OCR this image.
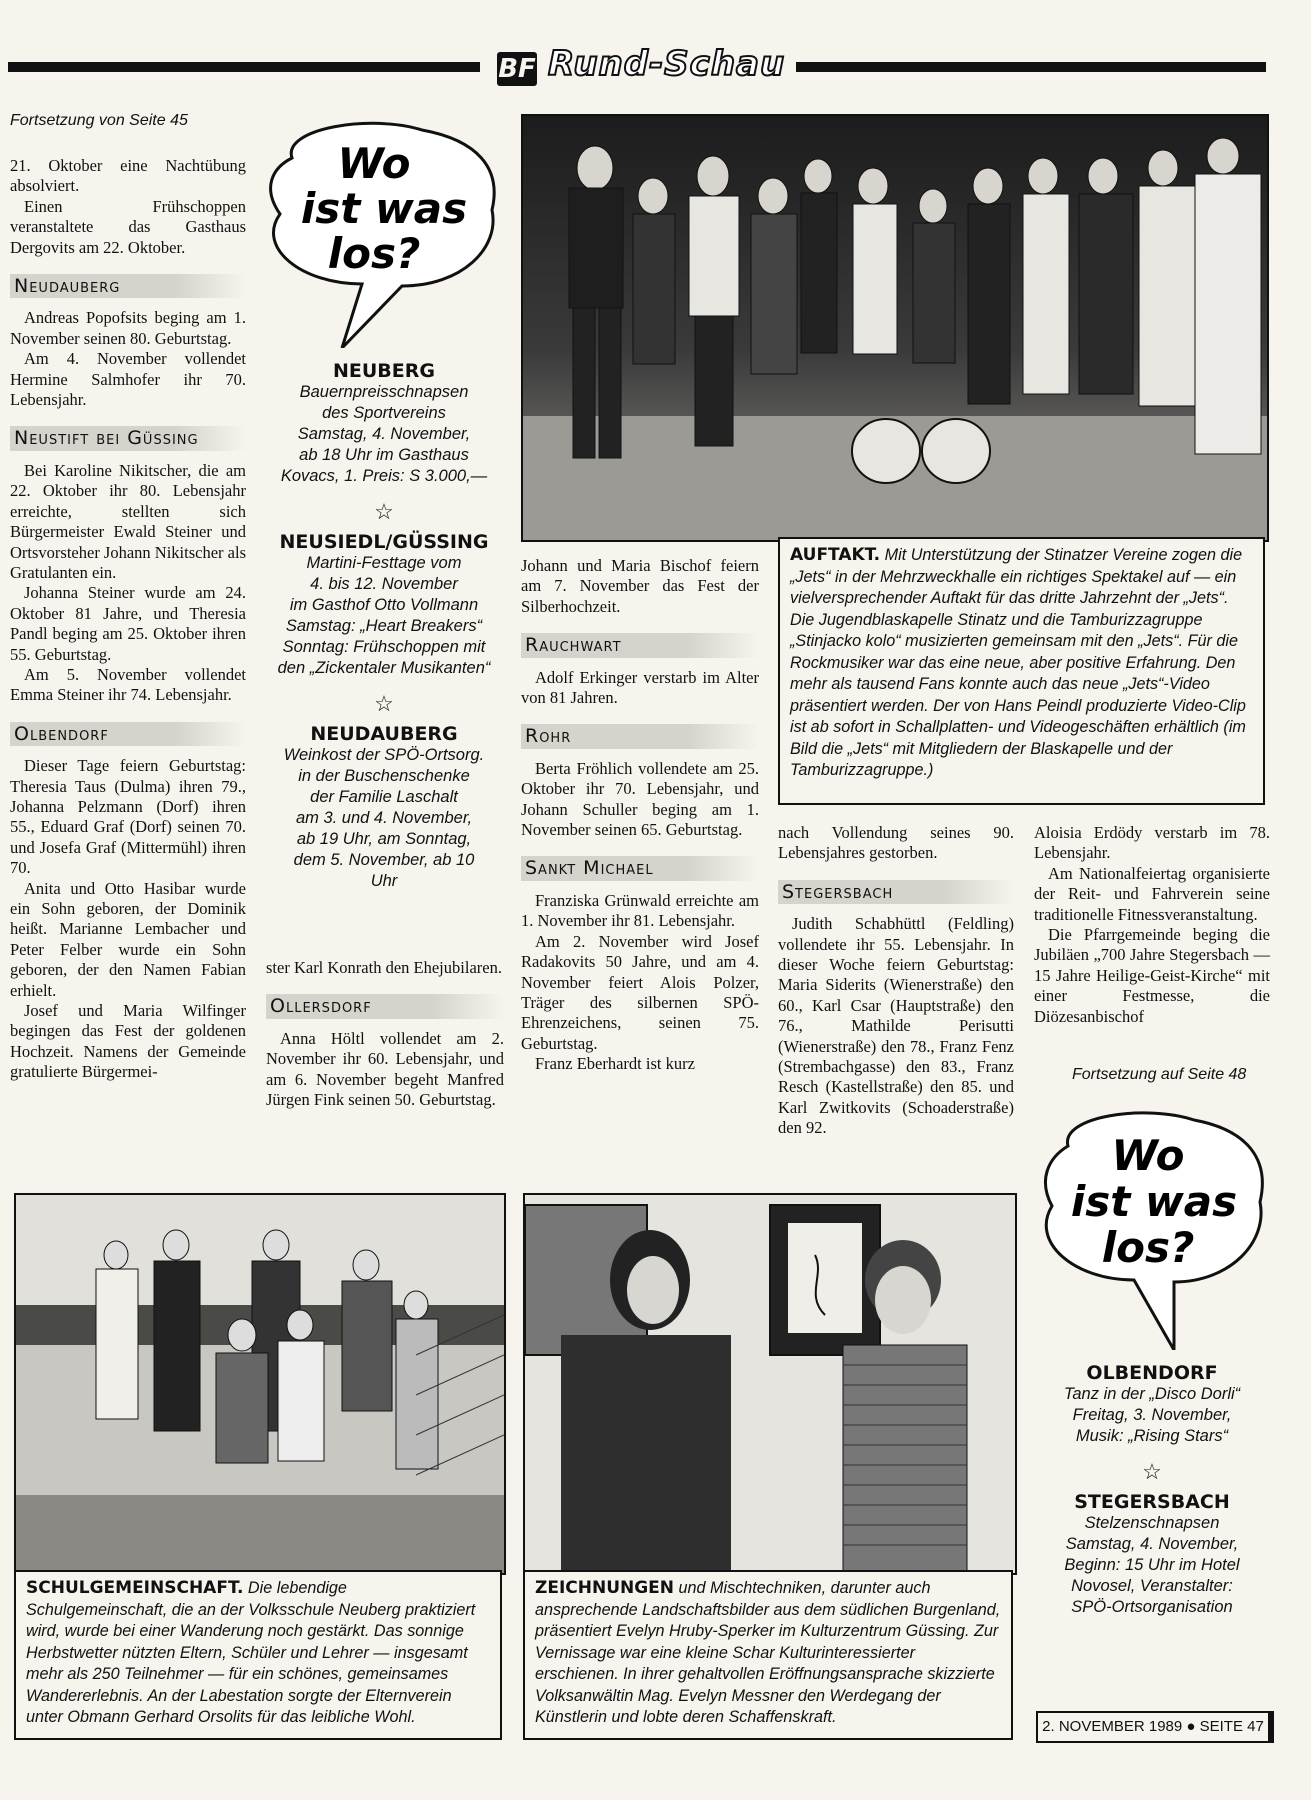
BF Rund-Schau
Fortsetzung von Seite 45

21. Oktober eine Nachtübung absolviert.

Einen Frühschoppen veranstaltete das Gasthaus Dergovits am 22. Oktober.

Neudauberg

Andreas Popofsits beging am 1. November seinen 80. Geburtstag.

Am 4. November vollendet Hermine Salmhofer ihr 70. Lebensjahr.

Neustift bei Güssing

Bei Karoline Nikitscher, die am 22. Oktober ihr 80. Lebensjahr erreichte, stellten sich Bürgermeister Ewald Steiner und Ortsvorsteher Johann Nikitscher als Gratulanten ein.

Johanna Steiner wurde am 24. Oktober 81 Jahre, und Theresia Pandl beging am 25. Oktober ihren 55. Geburtstag.

Am 5. November vollendet Emma Steiner ihr 74. Lebensjahr.

Olbendorf

Dieser Tage feiern Geburtstag: Theresia Taus (Dulma) ihren 79., Johanna Pelzmann (Dorf) ihren 55., Eduard Graf (Dorf) seinen 70. und Josefa Graf (Mittermühl) ihren 70.

Anita und Otto Hasibar wurde ein Sohn geboren, der Dominik heißt. Marianne Lembacher und Peter Felber wurde ein Sohn geboren, der den Namen Fabian erhielt.

Josef und Maria Wilfinger begingen das Fest der goldenen Hochzeit. Namens der Gemeinde gratulierte Bürgermei-

Wo
ist was
los?
NEUBERG
Bauernpreisschnapsen
des Sportvereins
Samstag, 4. November,
ab 18 Uhr im Gasthaus
Kovacs, 1. Preis: S 3.000,—
☆
NEUSIEDL/GÜSSING
Martini-Festtage vom
4. bis 12. November
im Gasthof Otto Vollmann
Samstag: „Heart Breakers“
Sonntag: Frühschoppen mit
den „Zickentaler Musikanten“
☆
NEUDAUBERG
Weinkost der SPÖ-Ortsorg.
in der Buschenschenke
der Familie Laschalt
am 3. und 4. November,
ab 19 Uhr, am Sonntag,
dem 5. November, ab 10
Uhr

ster Karl Konrath den Ehejubilaren.

Ollersdorf

Anna Höltl vollendet am 2. November ihr 60. Lebensjahr, und am 6. November begeht Manfred Jürgen Fink seinen 50. Geburtstag.

AUFTAKT. Mit Unterstützung der Stinatzer Vereine zogen die „Jets“ in der Mehrzweckhalle ein richtiges Spektakel auf — ein vielversprechender Auftakt für das dritte Jahrzehnt der „Jets“. Die Jugendblaskapelle Stinatz und die Tamburizzagruppe „Stinjacko kolo“ musizierten gemeinsam mit den „Jets“. Für die Rockmusiker war das eine neue, aber positive Erfahrung. Den mehr als tausend Fans konnte auch das neue „Jets“-Video präsentiert werden. Der von Hans Peindl produzierte Video-Clip ist ab sofort in Schallplatten- und Videogeschäften erhältlich (im Bild die „Jets“ mit Mitgliedern der Blaskapelle und der Tamburizzagruppe.)

Johann und Maria Bischof feiern am 7. November das Fest der Silberhochzeit.

Rauchwart

Adolf Erkinger verstarb im Alter von 81 Jahren.

Rohr

Berta Fröhlich vollendete am 25. Oktober ihr 70. Lebensjahr, und Johann Schuller beging am 1. November seinen 65. Geburtstag.

Sankt Michael

Franziska Grünwald erreichte am 1. November ihr 81. Lebensjahr.

Am 2. November wird Josef Radakovits 50 Jahre, und am 4. November feiert Alois Polzer, Träger des silbernen SPÖ-Ehrenzeichens, seinen 75. Geburtstag.

Franz Eberhardt ist kurz

nach Vollendung seines 90. Lebensjahres gestorben.

Stegersbach

Judith Schabhüttl (Feldling) vollendete ihr 55. Lebensjahr. In dieser Woche feiern Geburtstag: Maria Siderits (Wienerstraße) den 60., Karl Csar (Hauptstraße) den 76., Mathilde Perisutti (Wienerstraße) den 78., Franz Fenz (Strembachgasse) den 83., Franz Resch (Kastellstraße) den 85. und Karl Zwitkovits (Schoaderstraße) den 92.

Aloisia Erdödy verstarb im 78. Lebensjahr.

Am Nationalfeiertag organisierte der Reit- und Fahrverein seine traditionelle Fitnessveranstaltung.

Die Pfarrgemeinde beging die Jubiläen „700 Jahre Stegersbach — 15 Jahre Heilige-Geist-Kirche“ mit einer Festmesse, die Diözesanbischof

Fortsetzung auf Seite 48
SCHULGEMEINSCHAFT. Die lebendige Schulgemeinschaft, die an der Volksschule Neuberg praktiziert wird, wurde bei einer Wanderung noch gestärkt. Das sonnige Herbstwetter nützten Eltern, Schüler und Lehrer — insgesamt mehr als 250 Teilnehmer — für ein schönes, gemeinsames Wandererlebnis. An der Labestation sorgte der Elternverein unter Obmann Gerhard Orsolits für das leibliche Wohl.
ZEICHNUNGEN und Mischtechniken, darunter auch ansprechende Landschaftsbilder aus dem südlichen Burgenland, präsentiert Evelyn Hruby-Sperker im Kulturzentrum Güssing. Zur Vernissage war eine kleine Schar Kulturinteressierter erschienen. In ihrer gehaltvollen Eröffnungsansprache skizzierte Volksanwältin Mag. Evelyn Messner den Werdegang der Künstlerin und lobte deren Schaffenskraft.
Wo
ist was
los?
OLBENDORF
Tanz in der „Disco Dorli“
Freitag, 3. November,
Musik: „Rising Stars“
☆
STEGERSBACH
Stelzenschnapsen
Samstag, 4. November,
Beginn: 15 Uhr im Hotel
Novosel, Veranstalter:
SPÖ-Ortsorganisation
2. NOVEMBER 1989 ● SEITE 47
